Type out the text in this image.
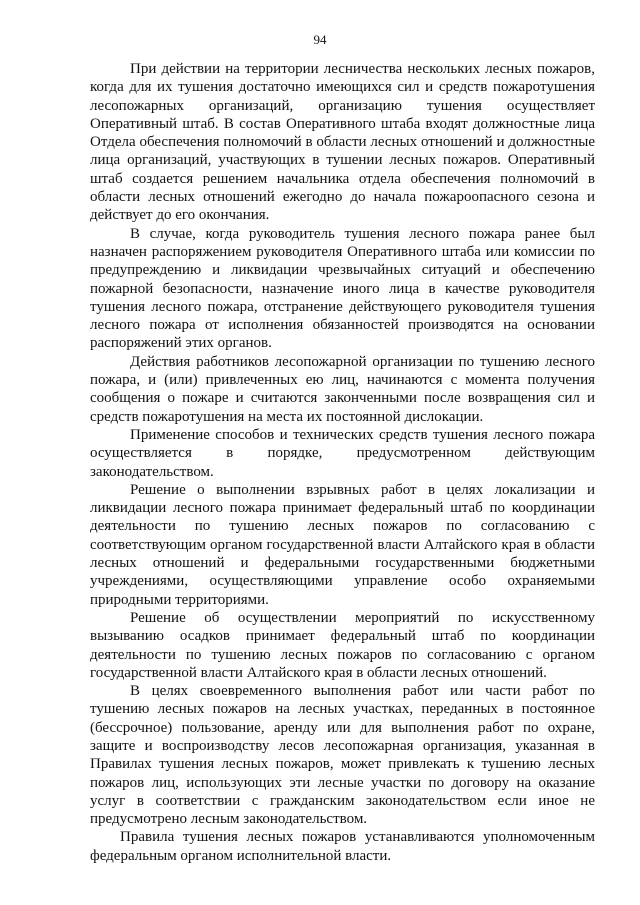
94

При действии на территории лесничества нескольких лесных пожаров, когда для их тушения достаточно имеющихся сил и средств пожаротушения лесопожарных организаций, организацию тушения осуществляет Оперативный штаб. В состав Оперативного штаба входят должностные лица Отдела обеспечения полномочий в области лесных отношений и должностные лица организаций, участвующих в тушении лесных пожаров. Оперативный штаб создается решением начальника отдела обеспечения полномочий в области лесных отношений ежегодно до начала пожароопасного сезона и действует до его окончания.

В случае, когда руководитель тушения лесного пожара ранее был назначен распоряжением руководителя Оперативного штаба или комиссии по предупреждению и ликвидации чрезвычайных ситуаций и обеспечению пожарной безопасности, назначение иного лица в качестве руководителя тушения лесного пожара, отстранение действующего руководителя тушения лесного пожара от исполнения обязанностей производятся на основании распоряжений этих органов.

Действия работников лесопожарной организации по тушению лесного пожара, и (или) привлеченных ею лиц, начинаются с момента получения сообщения о пожаре и считаются законченными после возвращения сил и средств пожаротушения на места их постоянной дислокации.

Применение способов и технических средств тушения лесного пожара осуществляется в порядке, предусмотренном действующим законодательством.

Решение о выполнении взрывных работ в целях локализации и ликвидации лесного пожара принимает федеральный штаб по координации деятельности по тушению лесных пожаров по согласованию с соответствующим органом государственной власти Алтайского края в области лесных отношений и федеральными государственными бюджетными учреждениями, осуществляющими управление особо охраняемыми природными территориями.

Решение об осуществлении мероприятий по искусственному вызыванию осадков принимает федеральный штаб по координации деятельности по тушению лесных пожаров по согласованию с органом государственной власти Алтайского края в области лесных отношений.

В целях своевременного выполнения работ или части работ по тушению лесных пожаров на лесных участках, переданных в постоянное (бессрочное) пользование, аренду или для выполнения работ по охране, защите и воспроизводству лесов лесопожарная организация, указанная в Правилах тушения лесных пожаров, может привлекать к тушению лесных пожаров лиц, использующих эти лесные участки по договору на оказание услуг в соответствии с гражданским законодательством если иное не предусмотрено лесным законодательством.

Правила тушения лесных пожаров устанавливаются уполномоченным федеральным органом исполнительной власти.
